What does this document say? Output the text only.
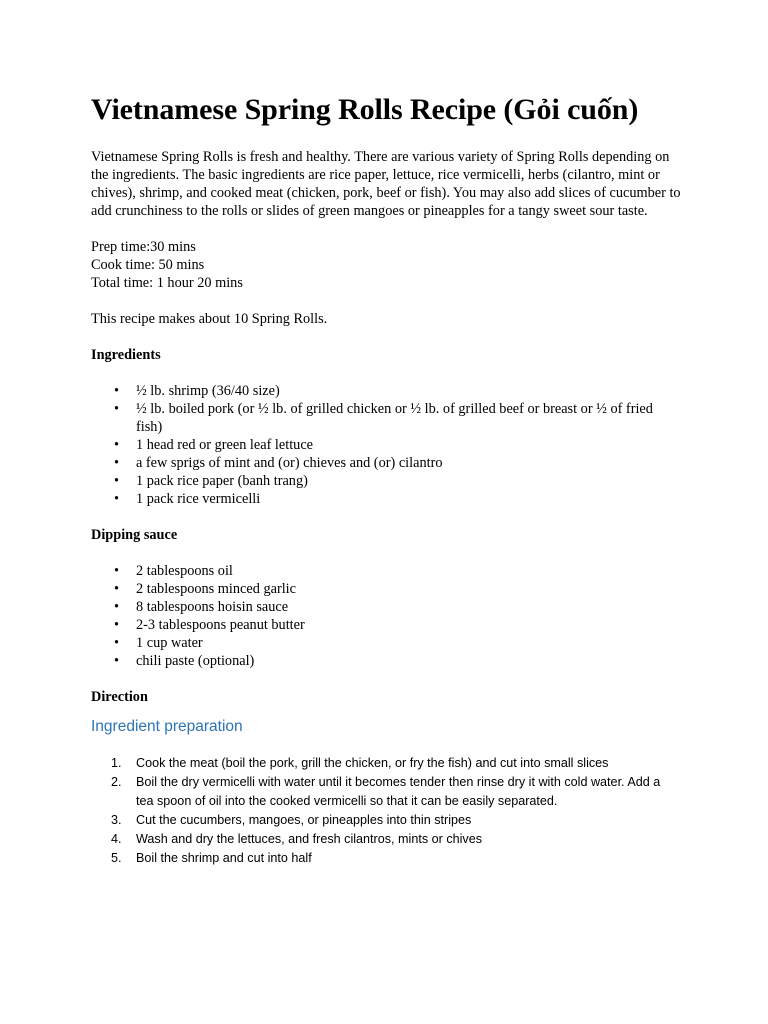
Vietnamese Spring Rolls Recipe (Gỏi cuốn)

Vietnamese Spring Rolls is fresh and healthy. There are various variety of Spring Rolls depending on the ingredients. The basic ingredients are rice paper, lettuce, rice vermicelli, herbs (cilantro, mint or chives), shrimp, and cooked meat (chicken, pork, beef or fish). You may also add slices of cucumber to add crunchiness to the rolls or slides of green mangoes or pineapples for a tangy sweet sour taste.

Prep time:30 mins
Cook time: 50 mins
Total time: 1 hour 20 mins

This recipe makes about 10 Spring Rolls.

Ingredients
• ½ lb. shrimp (36/40 size)
• ½ lb. boiled pork (or ½ lb. of grilled chicken or ½ lb. of grilled beef or breast or ½ of fried fish)
• 1 head red or green leaf lettuce
• a few sprigs of mint and (or) chieves and (or) cilantro
• 1 pack rice paper (banh trang)
• 1 pack rice vermicelli
Dipping sauce
• 2 tablespoons oil
• 2 tablespoons minced garlic
• 8 tablespoons hoisin sauce
• 2-3 tablespoons peanut butter
• 1 cup water
• chili paste (optional)
Direction
Ingredient preparation
1. Cook the meat (boil the pork, grill the chicken, or fry the fish) and cut into small slices
2. Boil the dry vermicelli with water until it becomes tender then rinse dry it with cold water. Add a tea spoon of oil into the cooked vermicelli so that it can be easily separated.
3. Cut the cucumbers, mangoes, or pineapples into thin stripes
4. Wash and dry the lettuces, and fresh cilantros, mints or chives
5. Boil the shrimp and cut into half
